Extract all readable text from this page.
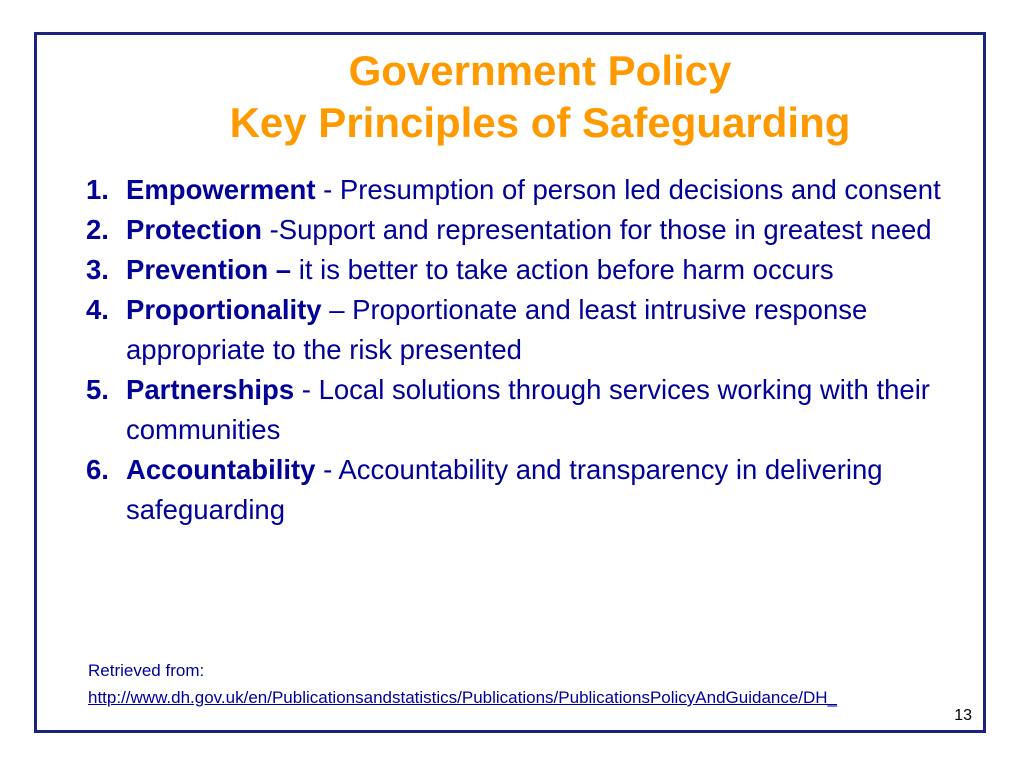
Government Policy
Key Principles of Safeguarding
1. Empowerment - Presumption of person led decisions and consent
2. Protection -Support and representation for those in greatest need
3. Prevention – it is better to take action before harm occurs
4. Proportionality – Proportionate and least intrusive response appropriate to the risk presented
5. Partnerships - Local solutions through services working with their communities
6. Accountability - Accountability and transparency in delivering safeguarding
Retrieved from:
http://www.dh.gov.uk/en/Publicationsandstatistics/Publications/PublicationsPolicyAndGuidance/DH_
13
